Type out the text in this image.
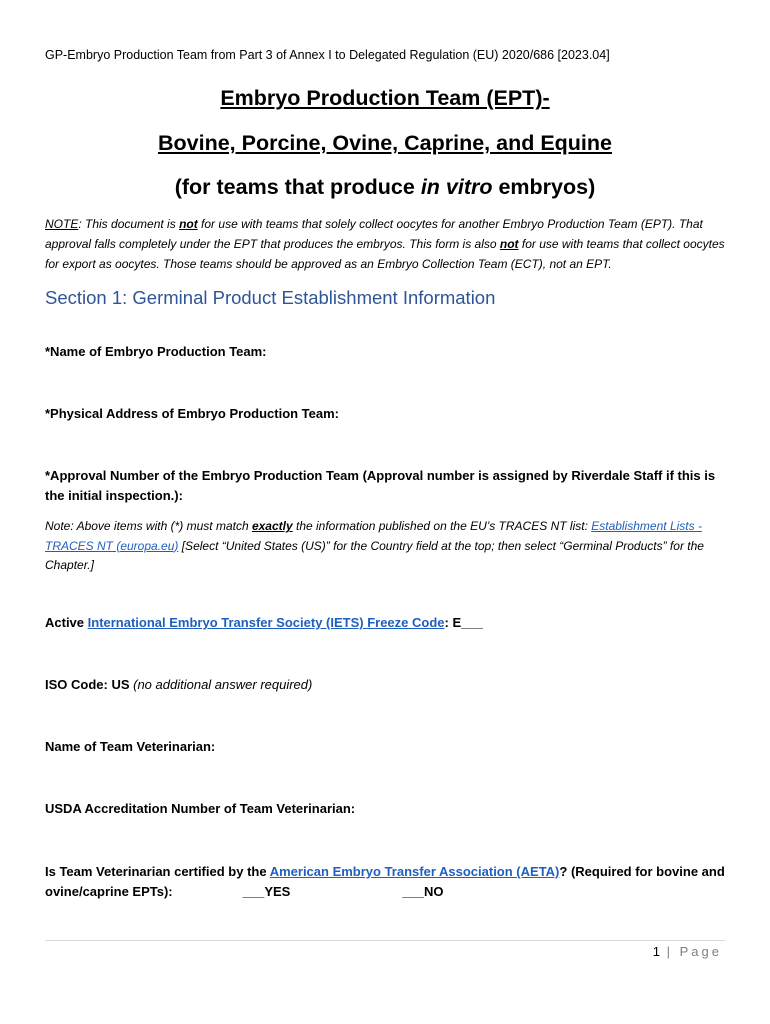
GP-Embryo Production Team from Part 3 of Annex I to Delegated Regulation (EU) 2020/686 [2023.04]
Embryo Production Team (EPT)-
Bovine, Porcine, Ovine, Caprine, and Equine
(for teams that produce in vitro embryos)
NOTE: This document is not for use with teams that solely collect oocytes for another Embryo Production Team (EPT). That approval falls completely under the EPT that produces the embryos. This form is also not for use with teams that collect oocytes for export as oocytes. Those teams should be approved as an Embryo Collection Team (ECT), not an EPT.
Section 1: Germinal Product Establishment Information
*Name of Embryo Production Team:
*Physical Address of Embryo Production Team:
*Approval Number of the Embryo Production Team (Approval number is assigned by Riverdale Staff if this is the initial inspection.):
Note: Above items with (*) must match exactly the information published on the EU’s TRACES NT list: Establishment Lists - TRACES NT (europa.eu) [Select “United States (US)” for the Country field at the top; then select “Germinal Products” for the Chapter.]
Active International Embryo Transfer Society (IETS) Freeze Code: E___
ISO Code: US (no additional answer required)
Name of Team Veterinarian:
USDA Accreditation Number of Team Veterinarian:
Is Team Veterinarian certified by the American Embryo Transfer Association (AETA)? (Required for bovine and ovine/caprine EPTs):	___YES	___NO
1 | Page
